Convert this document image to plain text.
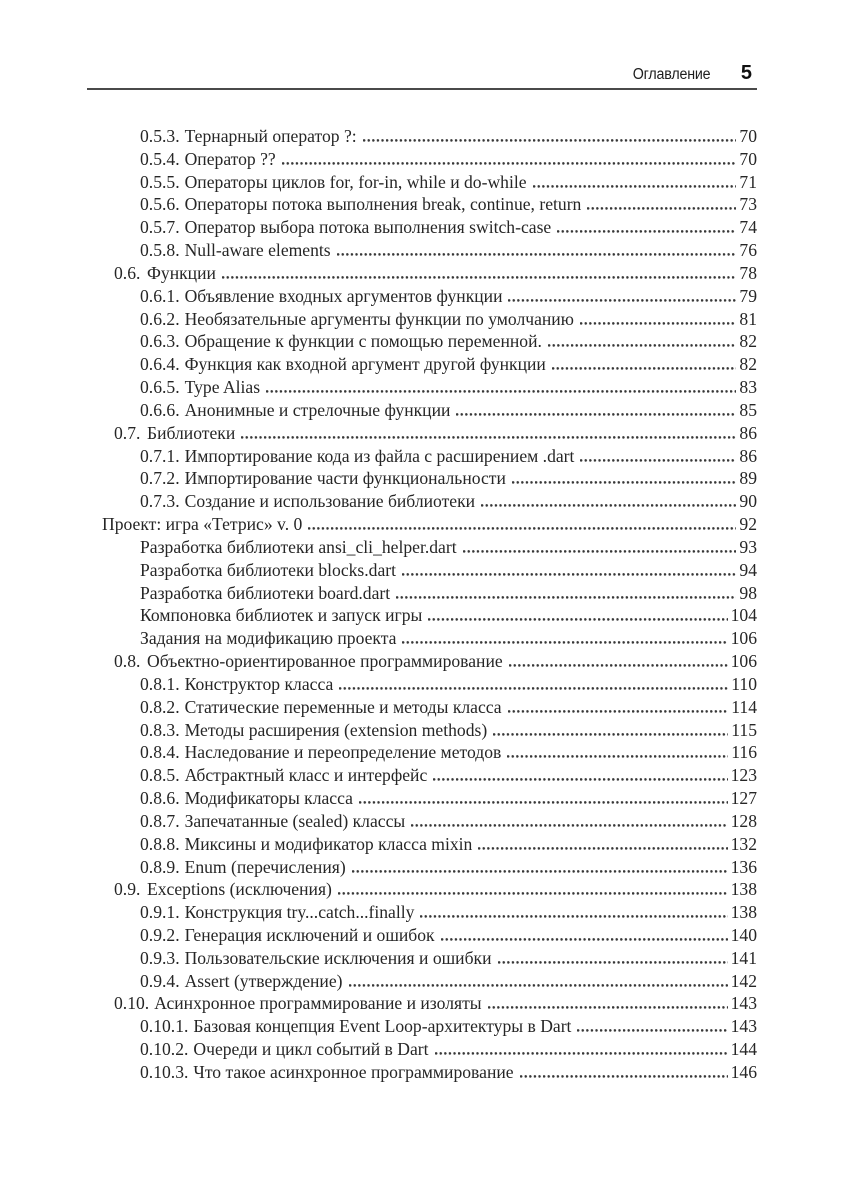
Оглавление 5
0.5.3. Тернарный оператор ?:	70
0.5.4. Оператор ??	70
0.5.5. Операторы циклов for, for-in, while и do-while	71
0.5.6. Операторы потока выполнения break, continue, return	73
0.5.7. Оператор выбора потока выполнения switch-case	74
0.5.8. Null-aware elements	76
0.6. Функции	78
0.6.1. Объявление входных аргументов функции	79
0.6.2. Необязательные аргументы функции по умолчанию	81
0.6.3. Обращение к функции с помощью переменной.	82
0.6.4. Функция как входной аргумент другой функции	82
0.6.5. Type Alias	83
0.6.6. Анонимные и стрелочные функции	85
0.7. Библиотеки	86
0.7.1. Импортирование кода из файла с расширением .dart	86
0.7.2. Импортирование части функциональности	89
0.7.3. Создание и использование библиотеки	90
Проект: игра «Тетрис» v. 0	92
Разработка библиотеки ansi_cli_helper.dart	93
Разработка библиотеки blocks.dart	94
Разработка библиотеки board.dart	98
Компоновка библиотек и запуск игры	104
Задания на модификацию проекта	106
0.8. Объектно-ориентированное программирование	106
0.8.1. Конструктор класса	110
0.8.2. Статические переменные и методы класса	114
0.8.3. Методы расширения (extension methods)	115
0.8.4. Наследование и переопределение методов	116
0.8.5. Абстрактный класс и интерфейс	123
0.8.6. Модификаторы класса	127
0.8.7. Запечатанные (sealed) классы	128
0.8.8. Миксины и модификатор класса mixin	132
0.8.9. Enum (перечисления)	136
0.9. Exceptions (исключения)	138
0.9.1. Конструкция try...catch...finally	138
0.9.2. Генерация исключений и ошибок	140
0.9.3. Пользовательские исключения и ошибки	141
0.9.4. Assert (утверждение)	142
0.10. Асинхронное программирование и изоляты	143
0.10.1. Базовая концепция Event Loop-архитектуры в Dart	143
0.10.2. Очереди и цикл событий в Dart	144
0.10.3. Что такое асинхронное программирование	146
